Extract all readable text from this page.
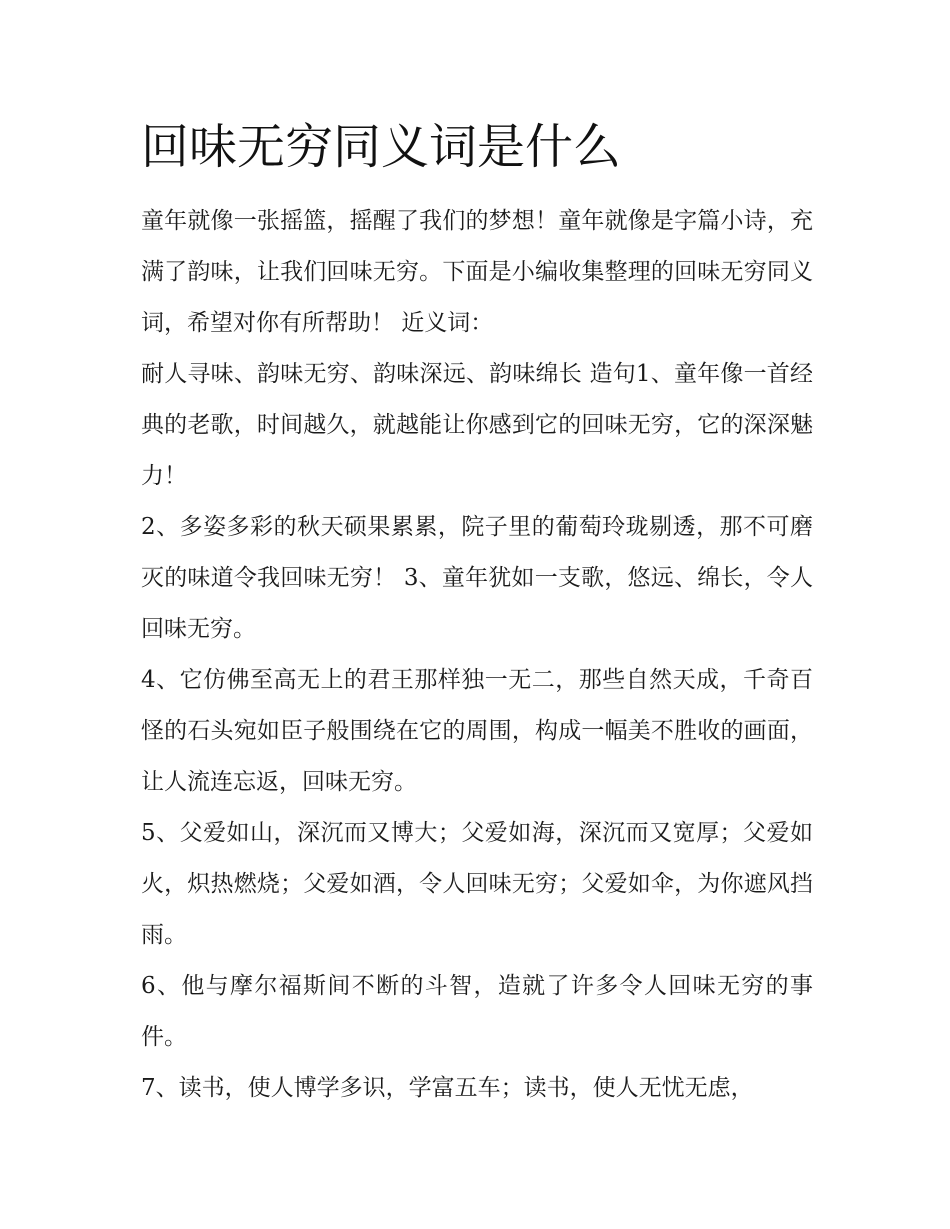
回味无穷同义词是什么

童年就像一张摇篮，摇醒了我们的梦想！童年就像是字篇小诗，充满了韵味，让我们回味无穷。下面是小编收集整理的回味无穷同义词，希望对你有所帮助！ 近义词：

耐人寻味、韵味无穷、韵味深远、韵味绵长 造句1、童年像一首经典的老歌，时间越久，就越能让你感到它的回味无穷，它的深深魅力！

2、多姿多彩的秋天硕果累累，院子里的葡萄玲珑剔透，那不可磨灭的味道令我回味无穷！ 3、童年犹如一支歌，悠远、绵长，令人回味无穷。

4、它仿佛至高无上的君王那样独一无二，那些自然天成，千奇百怪的石头宛如臣子般围绕在它的周围，构成一幅美不胜收的画面，让人流连忘返，回味无穷。

5、父爱如山，深沉而又博大；父爱如海，深沉而又宽厚；父爱如火，炽热燃烧；父爱如酒，令人回味无穷；父爱如伞，为你遮风挡雨。

6、他与摩尔福斯间不断的斗智，造就了许多令人回味无穷的事件。

7、读书，使人博学多识，学富五车；读书，使人无忧无虑，
